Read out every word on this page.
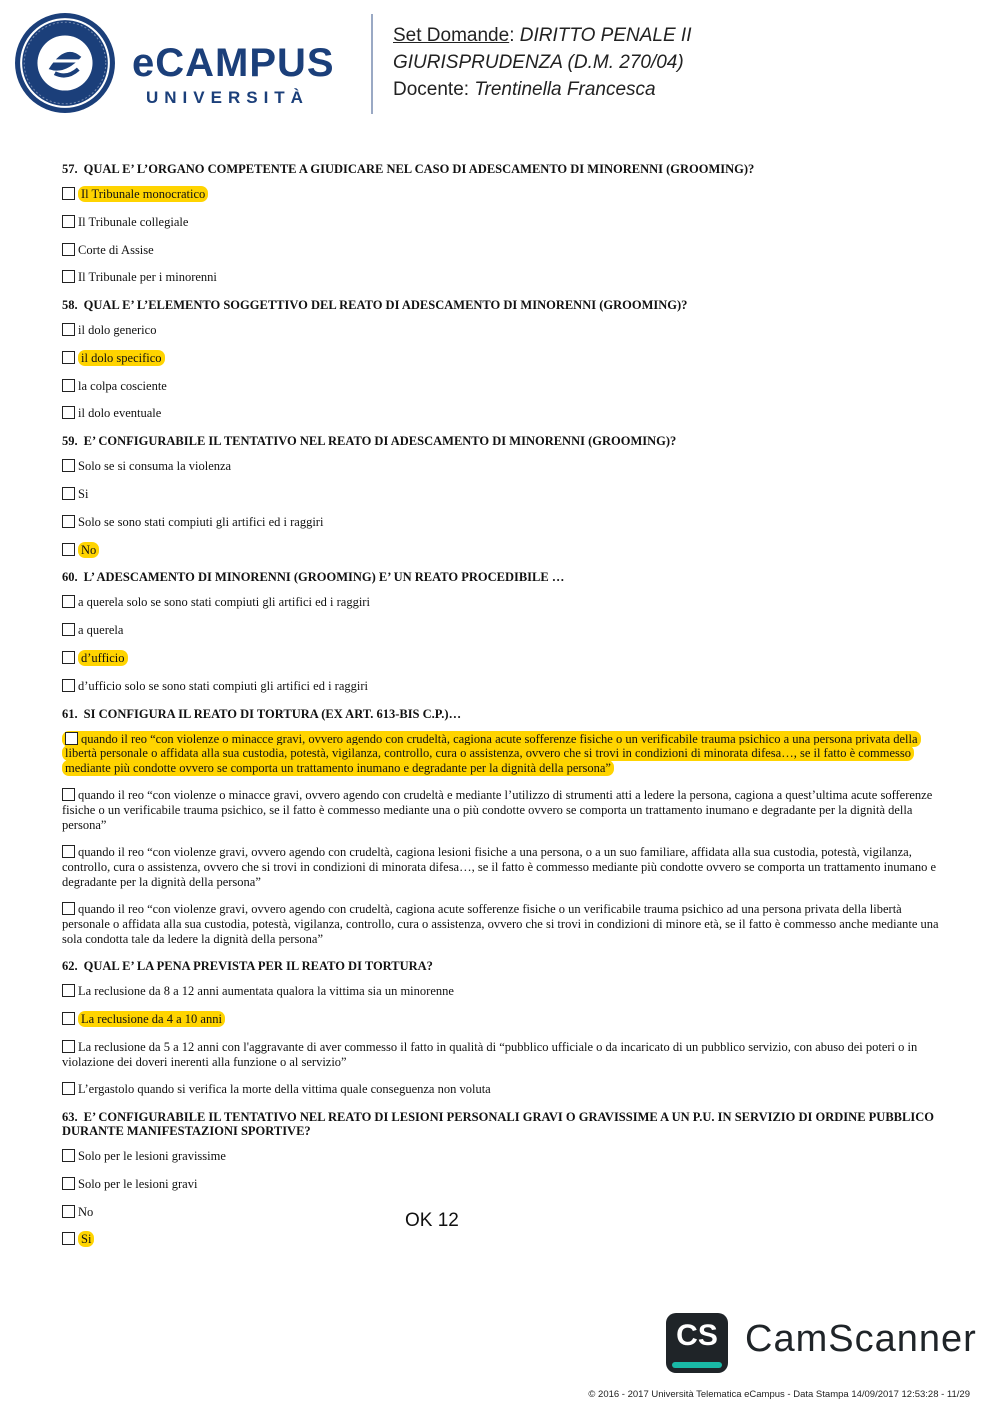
eCAMPUS
UNIVERSITÀ
Set Domande: DIRITTO PENALE II
GIURISPRUDENZA (D.M. 270/04)
Docente: Trentinella Francesca
57. QUAL E’ L’ORGANO COMPETENTE A GIUDICARE NEL CASO DI ADESCAMENTO DI MINORENNI (GROOMING)?
Il Tribunale monocratico
Il Tribunale collegiale
Corte di Assise
Il Tribunale per i minorenni
58. QUAL E’ L’ELEMENTO SOGGETTIVO DEL REATO DI ADESCAMENTO DI MINORENNI (GROOMING)?
il dolo generico
il dolo specifico
la colpa cosciente
il dolo eventuale
59. E’ CONFIGURABILE IL TENTATIVO NEL REATO DI ADESCAMENTO DI MINORENNI (GROOMING)?
Solo se si consuma la violenza
Si
Solo se sono stati compiuti gli artifici ed i raggiri
No
60. L’ ADESCAMENTO DI MINORENNI (GROOMING) E’ UN REATO PROCEDIBILE …
a querela solo se sono stati compiuti gli artifici ed i raggiri
a querela
d’ufficio
d’ufficio solo se sono stati compiuti gli artifici ed i raggiri
61. SI CONFIGURA IL REATO DI TORTURA (EX ART. 613-BIS C.P.)…
quando il reo “con violenze o minacce gravi, ovvero agendo con crudeltà, cagiona acute sofferenze fisiche o un verificabile trauma psichico a una persona privata della libertà personale o affidata alla sua custodia, potestà, vigilanza, controllo, cura o assistenza, ovvero che si trovi in condizioni di minorata difesa…, se il fatto è commesso mediante più condotte ovvero se comporta un trattamento inumano e degradante per la dignità della persona”
quando il reo “con violenze o minacce gravi, ovvero agendo con crudeltà e mediante l’utilizzo di strumenti atti a ledere la persona, cagiona a quest’ultima acute sofferenze fisiche o un verificabile trauma psichico, se il fatto è commesso mediante una o più condotte ovvero se comporta un trattamento inumano e degradante per la dignità della persona”
quando il reo “con violenze gravi, ovvero agendo con crudeltà, cagiona lesioni fisiche a una persona, o a un suo familiare, affidata alla sua custodia, potestà, vigilanza, controllo, cura o assistenza, ovvero che si trovi in condizioni di minorata difesa…, se il fatto è commesso mediante più condotte ovvero se comporta un trattamento inumano e degradante per la dignità della persona”
quando il reo “con violenze gravi, ovvero agendo con crudeltà, cagiona acute sofferenze fisiche o un verificabile trauma psichico ad una persona privata della libertà personale o affidata alla sua custodia, potestà, vigilanza, controllo, cura o assistenza, ovvero che si trovi in condizioni di minore età, se il fatto è commesso anche mediante una sola condotta tale da ledere la dignità della persona”
62. QUAL E’ LA PENA PREVISTA PER IL REATO DI TORTURA?
La reclusione da 8 a 12 anni aumentata qualora la vittima sia un minorenne
La reclusione da 4 a 10 anni
La reclusione da 5 a 12 anni con l'aggravante di aver commesso il fatto in qualità di “pubblico ufficiale o da incaricato di un pubblico servizio, con abuso dei poteri o in violazione dei doveri inerenti alla funzione o al servizio”
L’ergastolo quando si verifica la morte della vittima quale conseguenza non voluta
63. E’ CONFIGURABILE IL TENTATIVO NEL REATO DI LESIONI PERSONALI GRAVI O GRAVISSIME A UN P.U. IN SERVIZIO DI ORDINE PUBBLICO DURANTE MANIFESTAZIONI SPORTIVE?
Solo per le lesioni gravissime
Solo per le lesioni gravi
No
Si
OK 12
CS CamScanner
© 2016 - 2017 Università Telematica eCampus - Data Stampa 14/09/2017 12:53:28 - 11/29
